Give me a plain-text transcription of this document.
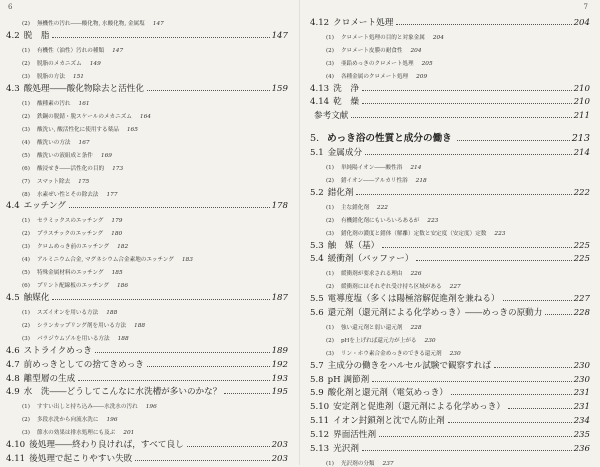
6
(2) 無機性の汚れ――酸化物, 水酸化物, 金属塩 147
4.2 脱　脂	147
(1) 有機性（油性）汚れの種類 147
(2) 脱脂のメカニズム 149
(3) 脱脂の方法 151
4.3 酸処理――酸化物除去と活性化	159
(1) 酸種素の汚れ 161
(2) 鉄鋼の脱錆・脱スケールのメカニズム 164
(3) 酸洗い, 酸活性化に使用する薬品 165
(4) 酸洗いの方法 167
(5) 酸洗いの液組成と条件 169
(6) 酸浸せき――活性化の目的 173
(7) スマット除去 175
(8) 水素ぜい性とその除去法 177
4.4 エッチング	178
(1) セラミックスのエッチング 179
(2) プラスチックのエッチング 180
(3) クロムめっき前のエッチング 182
(4) アルミニウム合金, マグネシウム合金素地のエッチング 183
(5) 特殊金属材料のエッチング 185
(6) プリント配線板のエッチング 186
4.5 触媒化	187
(1) スズイオンを用いる方法 188
(2) シランカップリング剤を用いる方法 188
(3) パラジウムゾルを用いる方法 188
4.6 ストライクめっき	189
4.7 前めっきとしての捨てきめっき	192
4.8 離型層の生成	193
4.9 水　洗――どうしてこんなに水洗槽が多いのかな？	195
(1) すすい出しと持ち込み――水洗水の汚れ 196
(2) 多段水洗から向流水洗に 196
(3) 節水の効果は排水処理にも及ぶ 201
4.10 後処理――終わり良ければ，すべて良し	203
4.11 後処理で起こりやすい失敗	203
7
4.12 クロメート処理	204
(1) クロメート処理の目的と対象金属 204
(2) クロメート皮膜の耐食性 204
(3) 亜鉛めっきのクロメート処理 205
(4) 各種金属のクロメート処理 209
4.13 洗　浄	210
4.14 乾　燥	210
参考文献	211
5. めっき浴の性質と成分の働き	213
5.1 金属成分	214
(1) 単純陽イオン――酸性浴 214
(2) 錯イオン――アルカリ性浴 218
5.2 錯化剤	222
(1) 主な錯化剤 222
(2) 有機錯化剤にもいろいろあるが 223
(3) 錯化剤の濃度と錯体（解離）定数と安定度（安定度）定数 223
5.3 触　媒（基）	225
5.4 緩衝剤（バッファー）	225
(1) 緩衝剤が要求される理由 226
(2) 緩衝剤にはそれぞれ受け持ち区域がある 227
5.5 電導度塩（多くは陽極溶解促進剤を兼ねる）	227
5.6 還元剤（還元剤による化学めっき）――めっきの原動力	228
(1) 強い還元剤と弱い還元剤 228
(2) pHを上げれば還元力が上がる 230
(3) リン・ホウ素合金めっきのできる還元剤 230
5.7 主成分の働きをハルセル試験で観察すれば	230
5.8 pH 調節剤	230
5.9 酸化剤と還元剤（電気めっき）	231
5.10 安定剤と促進剤（還元剤による化学めっき）	231
5.11 イオン封鎖剤と沈でん防止剤	234
5.12 界面活性剤	235
5.13 光沢剤	236
(1) 光沢剤の分類 237
